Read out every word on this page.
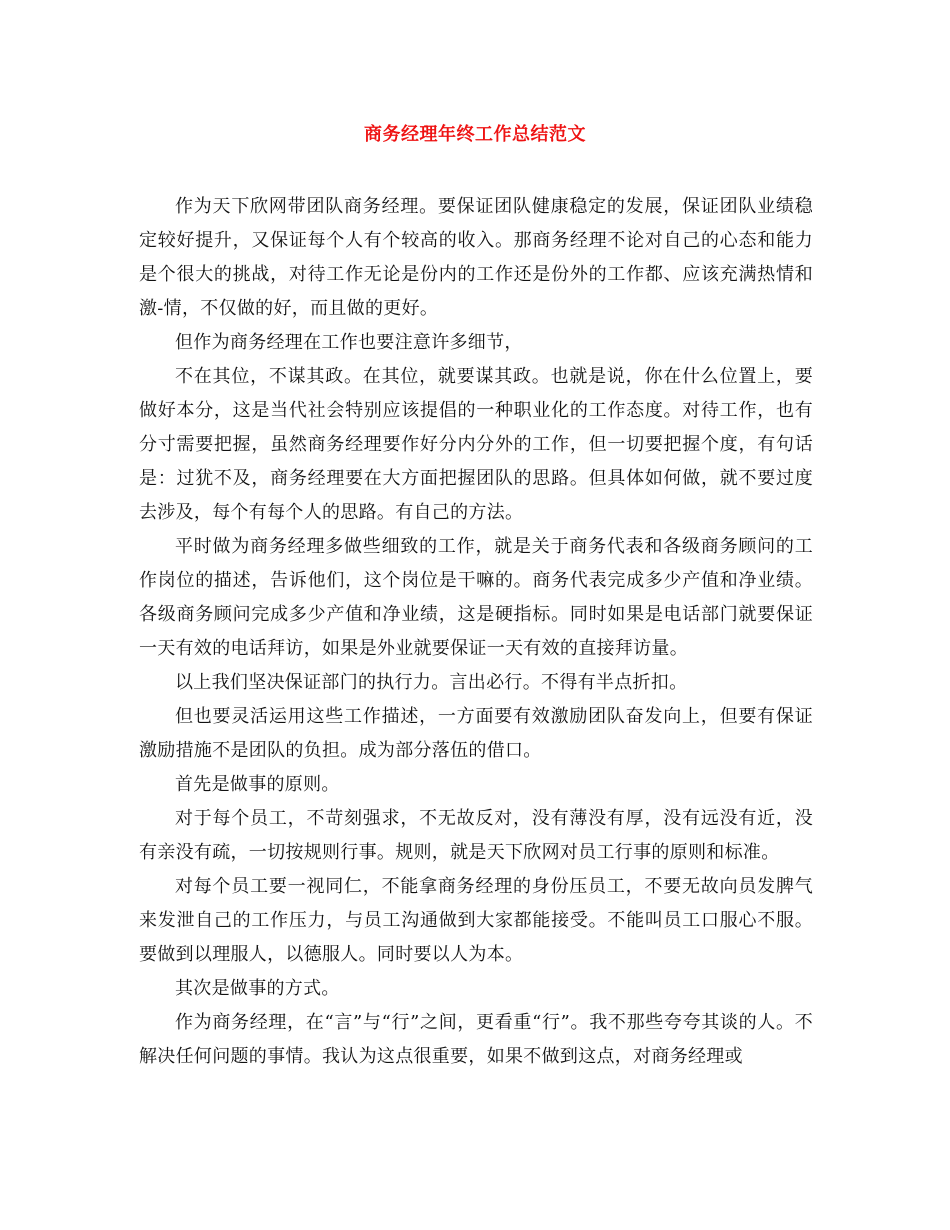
商务经理年终工作总结范文

作为天下欣网带团队商务经理。要保证团队健康稳定的发展，保证团队业绩稳定较好提升，又保证每个人有个较高的收入。那商务经理不论对自己的心态和能力是个很大的挑战，对待工作无论是份内的工作还是份外的工作都、应该充满热情和激-情，不仅做的好，而且做的更好。

但作为商务经理在工作也要注意许多细节，

不在其位，不谋其政。在其位，就要谋其政。也就是说，你在什么位置上，要做好本分，这是当代社会特别应该提倡的一种职业化的工作态度。对待工作，也有分寸需要把握，虽然商务经理要作好分内分外的工作，但一切要把握个度，有句话是：过犹不及，商务经理要在大方面把握团队的思路。但具体如何做，就不要过度去涉及，每个有每个人的思路。有自己的方法。

平时做为商务经理多做些细致的工作，就是关于商务代表和各级商务顾问的工作岗位的描述，告诉他们，这个岗位是干嘛的。商务代表完成多少产值和净业绩。各级商务顾问完成多少产值和净业绩，这是硬指标。同时如果是电话部门就要保证一天有效的电话拜访，如果是外业就要保证一天有效的直接拜访量。

以上我们坚决保证部门的执行力。言出必行。不得有半点折扣。

但也要灵活运用这些工作描述，一方面要有效激励团队奋发向上，但要有保证激励措施不是团队的负担。成为部分落伍的借口。

首先是做事的原则。

对于每个员工，不苛刻强求，不无故反对，没有薄没有厚，没有远没有近，没有亲没有疏，一切按规则行事。规则，就是天下欣网对员工行事的原则和标准。

对每个员工要一视同仁，不能拿商务经理的身份压员工，不要无故向员发脾气来发泄自己的工作压力，与员工沟通做到大家都能接受。不能叫员工口服心不服。要做到以理服人，以德服人。同时要以人为本。

其次是做事的方式。

作为商务经理，在“言”与“行”之间，更看重“行”。我不那些夸夸其谈的人。不解决任何问题的事情。我认为这点很重要，如果不做到这点，对商务经理或
